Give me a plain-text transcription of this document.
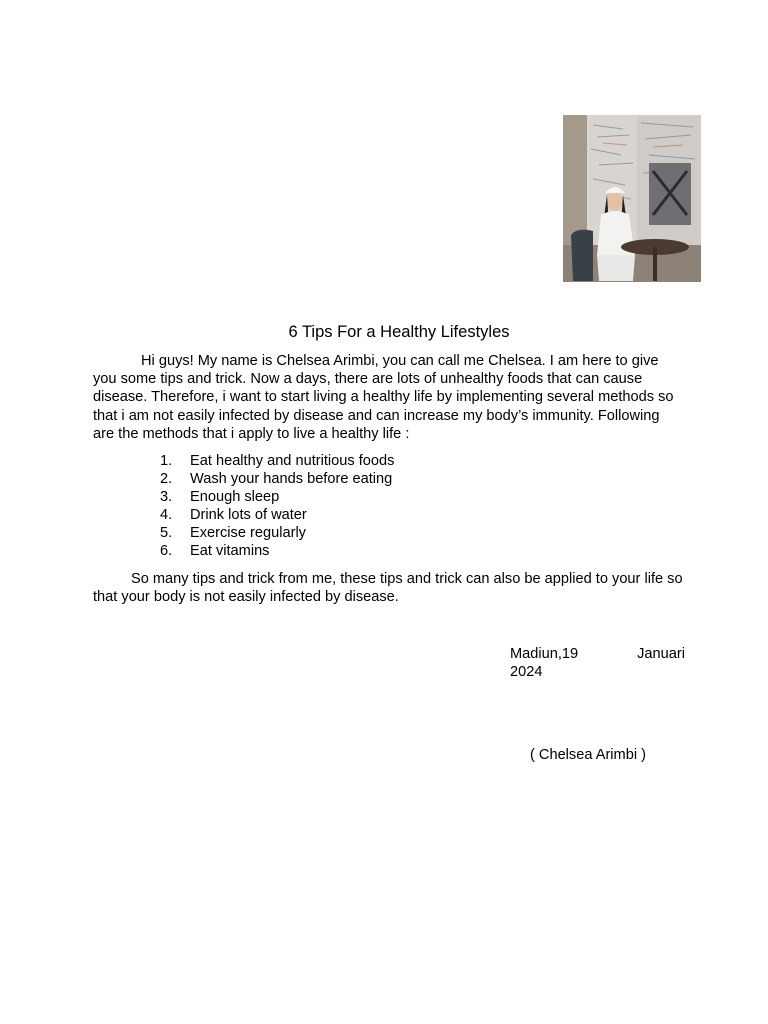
6 Tips For a Healthy Lifestyles

Hi guys! My name is Chelsea Arimbi, you can call me Chelsea. I am here to give you some tips and trick. Now a days, there are lots of unhealthy foods that can cause disease. Therefore, i want to start living a healthy life by implementing several methods so that i am not easily infected by disease and can increase my body’s immunity. Following are the methods that i apply to live a healthy life :

1.	Eat healthy and nutritious foods
2.	Wash your hands before eating
3.	Enough sleep
4.	Drink lots of water
5.	Exercise regularly
6.	Eat vitamins

So many tips and trick from me, these tips and trick can also be applied to your life so that your body is not easily infected by disease.

Madiun,19	Januari
2024
( Chelsea Arimbi )
